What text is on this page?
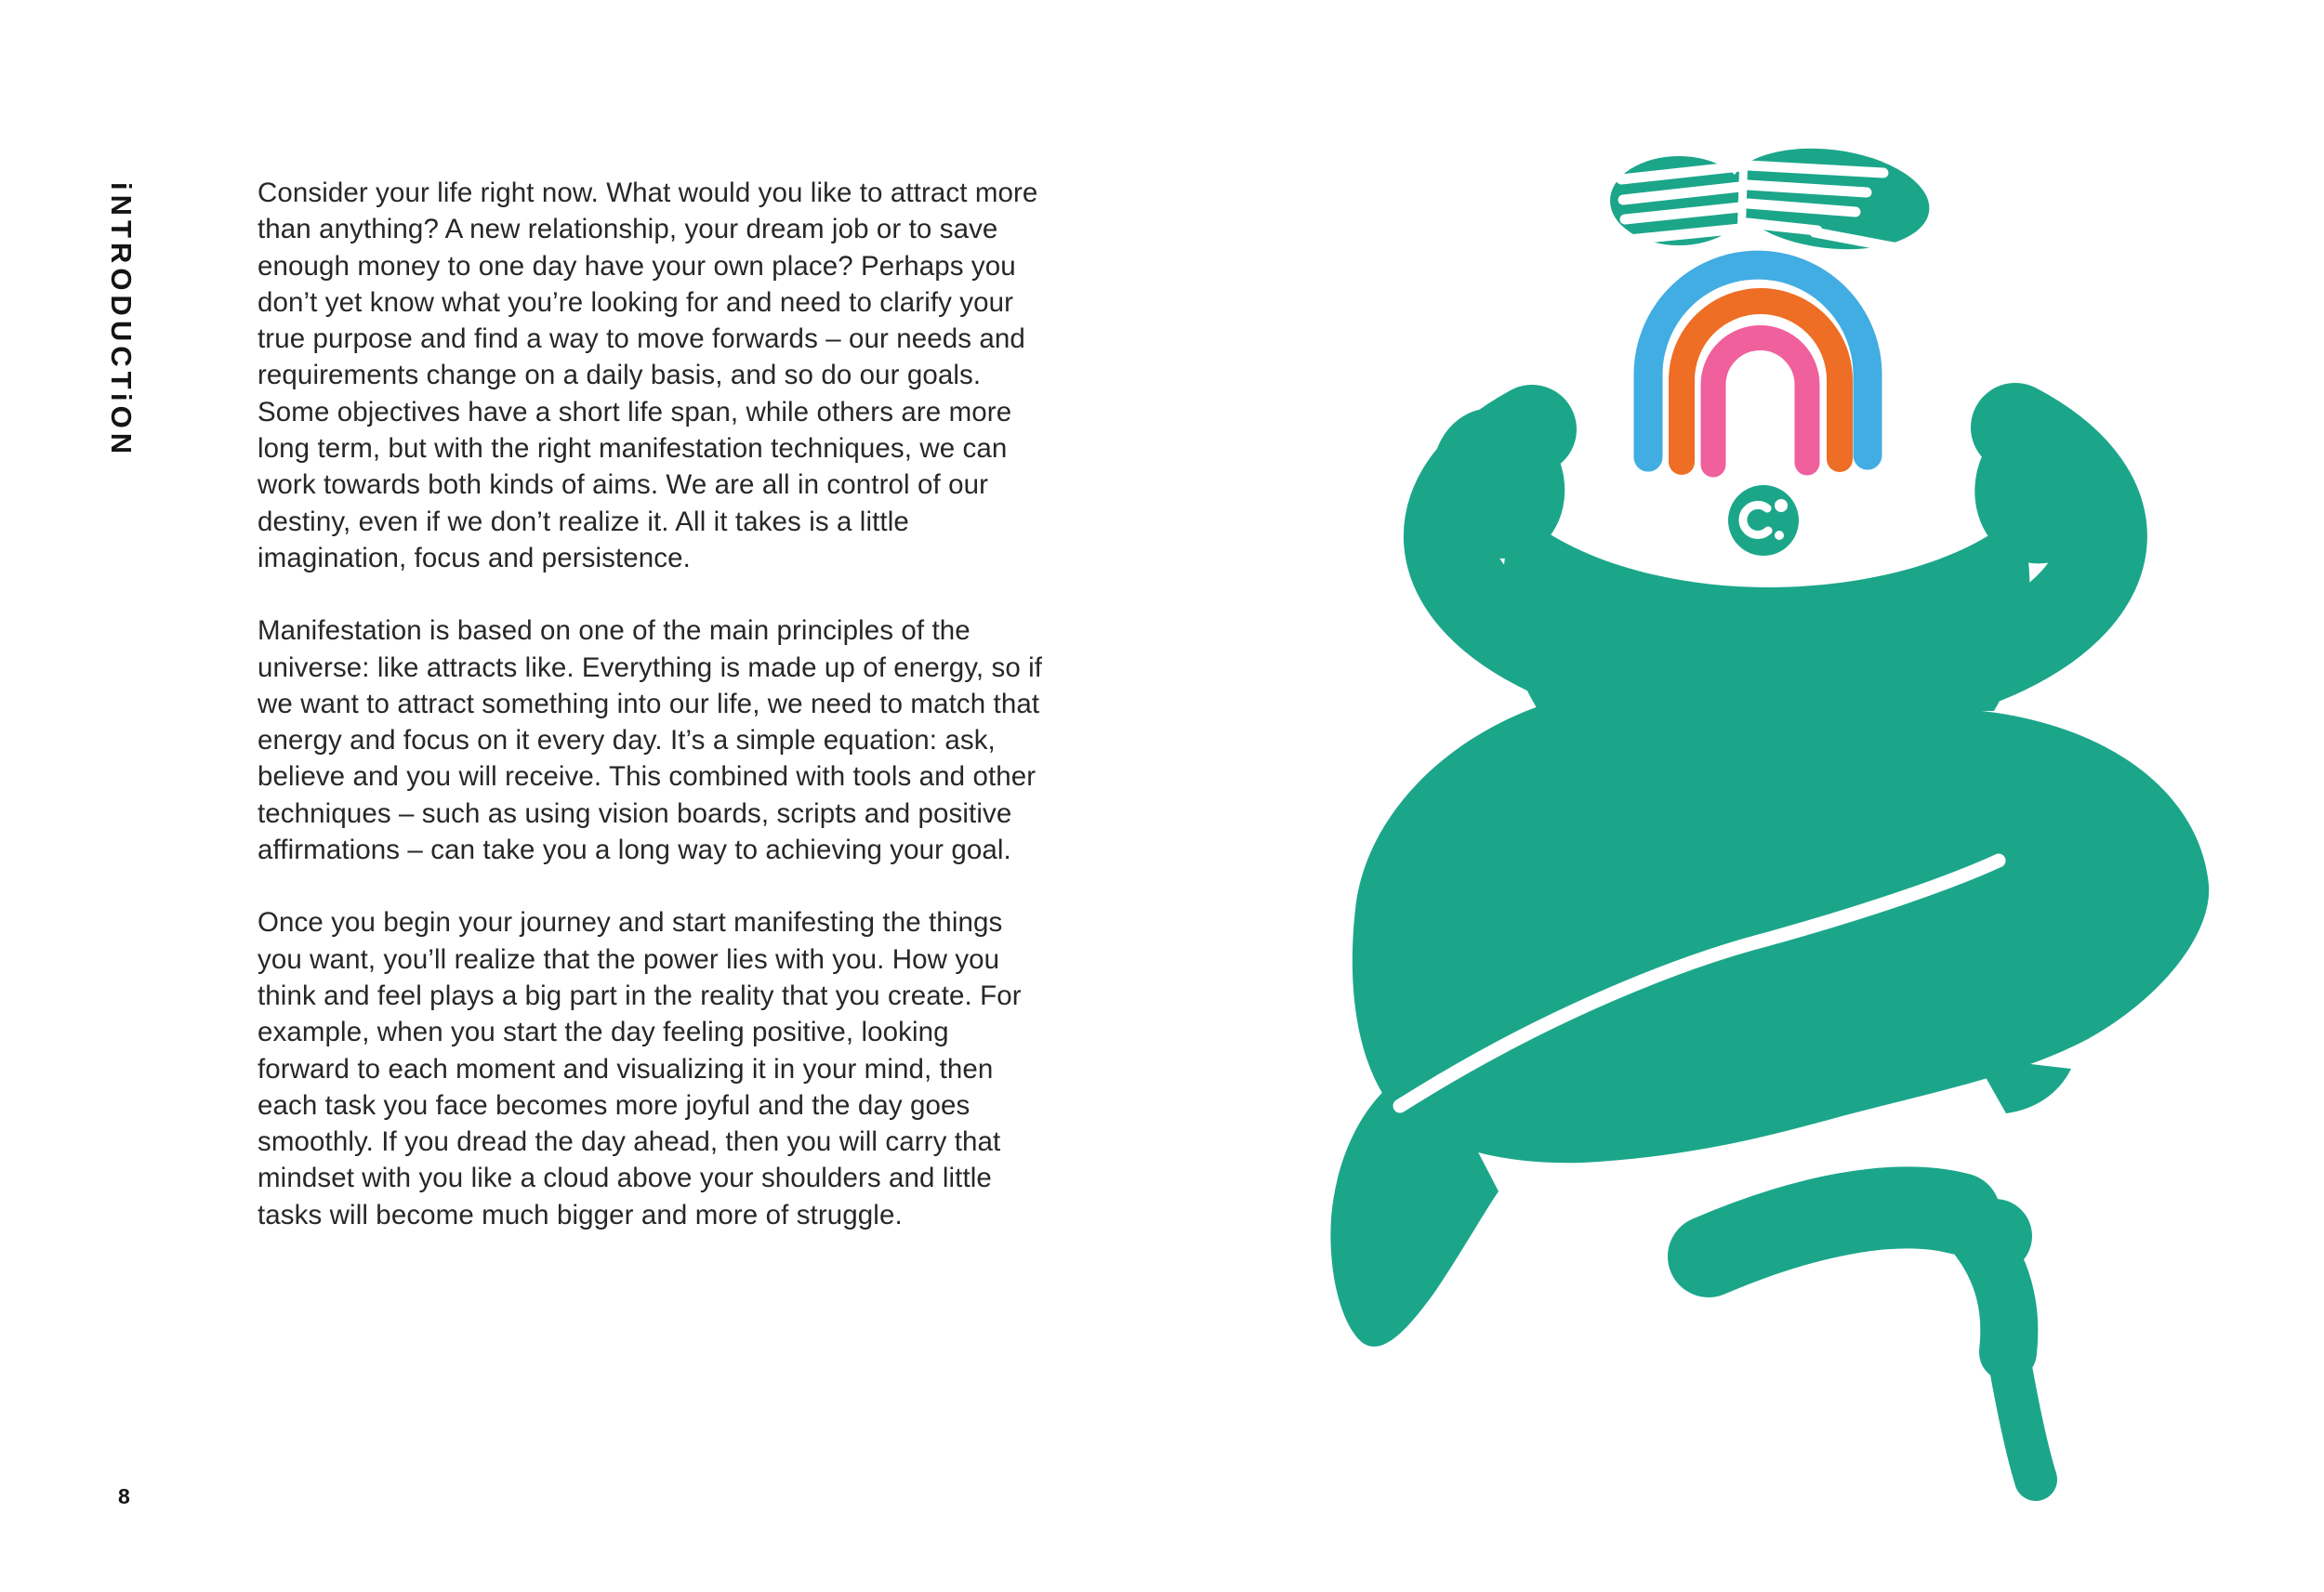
iNTRODUCTiON	Consider your life right now. What would you like to attract more than anything? A new relationship, your dream job or to save enough money to one day have your own place? Perhaps you don’t yet know what you’re looking for and need to clarify your true purpose and find a way to move forwards – our needs and requirements change on a daily basis, and so do our goals. Some objectives have a short life span, while others are more long term, but with the right manifestation techniques, we can work towards both kinds of aims. We are all in control of our destiny, even if we don’t realize it. All it takes is a little imagination, focus and persistence.

Manifestation is based on one of the main principles of the universe: like attracts like. Everything is made up of energy, so if we want to attract something into our life, we need to match that energy and focus on it every day. It’s a simple equation: ask, believe and you will receive. This combined with tools and other techniques – such as using vision boards, scripts and positive affirmations – can take you a long way to achieving your goal.

Once you begin your journey and start manifesting the things you want, you’ll realize that the power lies with you. How you think and feel plays a big part in the reality that you create. For example, when you start the day feeling positive, looking forward to each moment and visualizing it in your mind, then each task you face becomes more joyful and the day goes smoothly. If you dread the day ahead, then you will carry that mindset with you like a cloud above your shoulders and little tasks will become much bigger and more of struggle.

8
